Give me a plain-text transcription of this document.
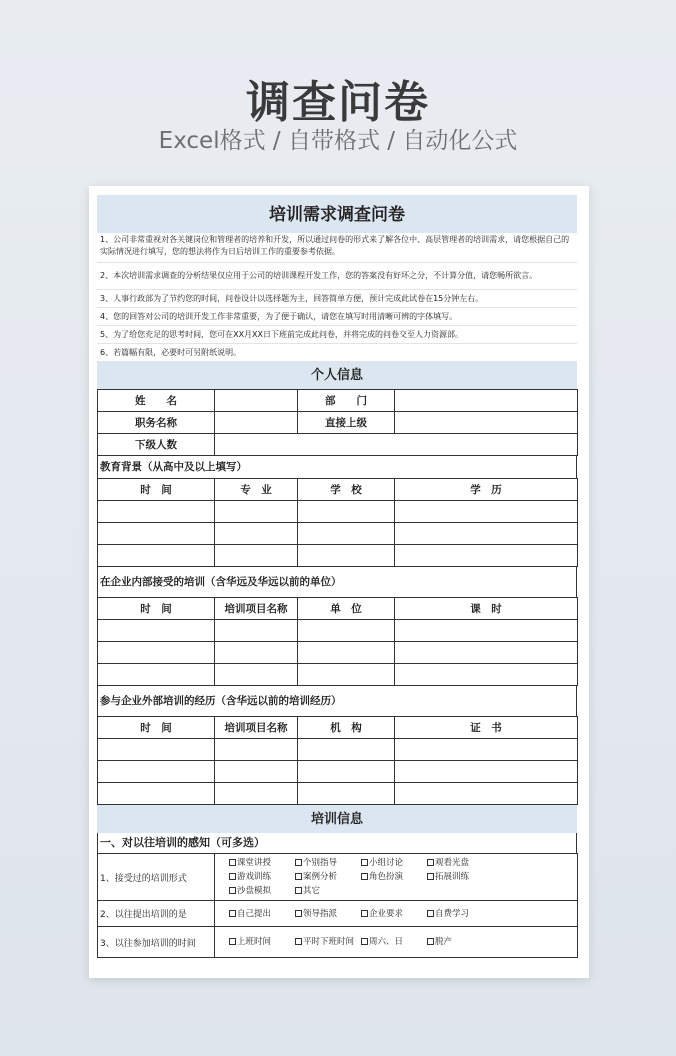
调查问卷
Excel格式 / 自带格式 / 自动化公式
培训需求调查问卷
1、公司非常重视对各关键岗位和管理者的培养和开发，所以通过问卷的形式来了解各位中、高层管理者的培训需求，请您根据自己的实际情况进行填写，您的想法将作为日后培训工作的重要参考依据。
2、本次培训需求调查的分析结果仅应用于公司的培训课程开发工作，您的答案没有好坏之分，不计算分值，请您畅所欲言。
3、人事行政部为了节约您的时间，问卷设计以选择题为主，回答简单方便，预计完成此试卷在15分钟左右。
4、您的回答对公司的培训开发工作非常重要，为了便于确认，请您在填写时用清晰可辨的字体填写。
5、为了给您充足的思考时间，您可在XX月XX日下班前完成此问卷，并将完成的问卷交至人力资源部。
6、若篇幅有限，必要时可另附纸说明。
个人信息
姓　　名		部　　门	
职务名称		直接上级	
下级人数			
教育背景（从高中及以上填写）
时　间	专　业	学　校	学　历

在企业内部接受的培训（含华远及华远以前的单位）
时　间	培训项目名称	单　位	课　时

参与企业外部培训的经历（含华远以前的培训经历）
时　间	培训项目名称	机　构	证　书

培训信息
一、对以往培训的感知（可多选）
1、接受过的培训形式	课堂讲授 个别指导 小组讨论 观看光盘
游戏训练 案例分析 角色扮演 拓展训练
沙盘模拟 其它
2、以往提出培训的是	自己提出 领导指派 企业要求 自费学习
3、以往参加培训的时间	上班时间 平时下班时间 周六、日 脱产
